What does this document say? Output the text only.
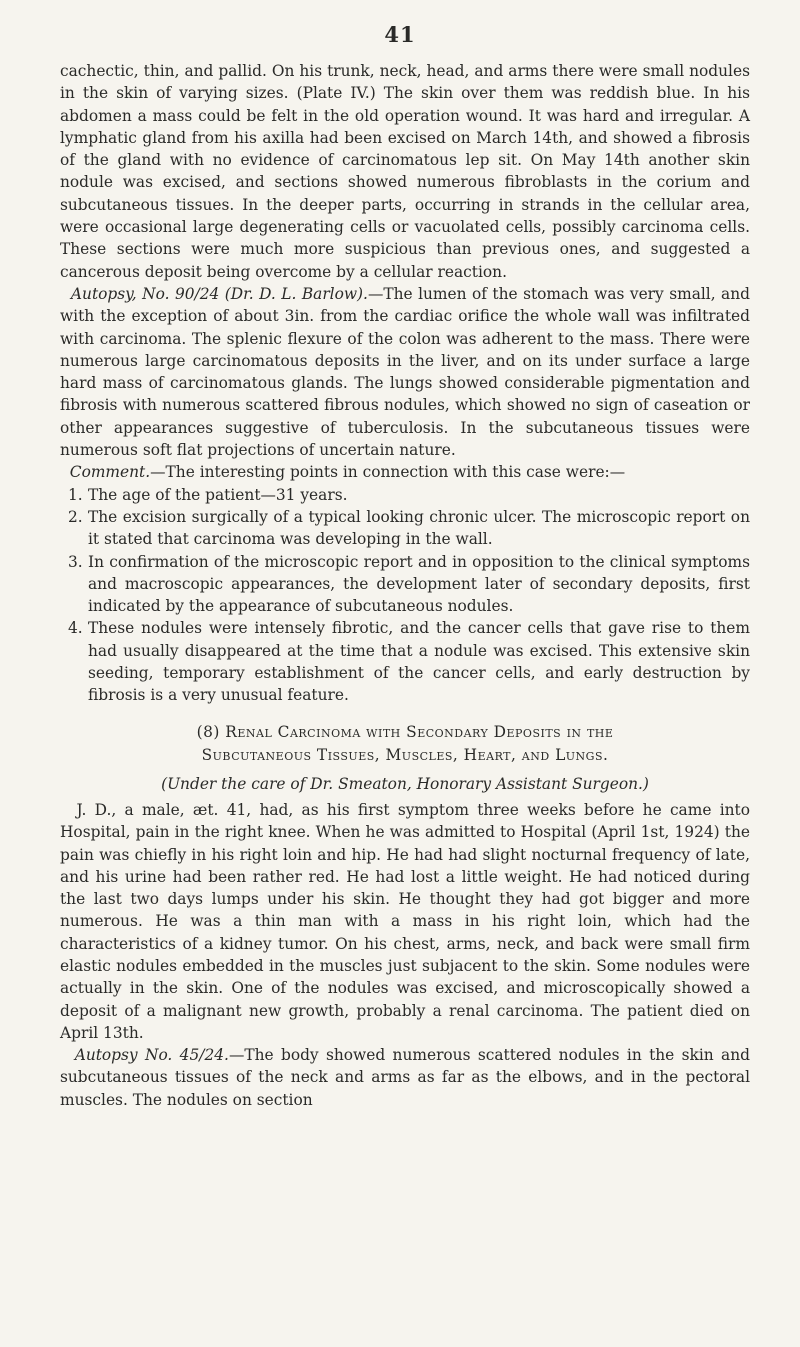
41

cachectic, thin, and pallid. On his trunk, neck, head, and arms there were small nodules in the skin of varying sizes. (Plate IV.) The skin over them was reddish blue. In his abdomen a mass could be felt in the old operation wound. It was hard and irregular. A lymphatic gland from his axilla had been excised on March 14th, and showed a fibrosis of the gland with no evidence of carcinomatous lep sit. On May 14th another skin nodule was excised, and sections showed numerous fibroblasts in the corium and subcutaneous tissues. In the deeper parts, occurring in strands in the cellular area, were occasional large degenerating cells or vacuolated cells, possibly carcinoma cells. These sections were much more suspicious than previous ones, and suggested a cancerous deposit being overcome by a cellular reaction.

Autopsy, No. 90/24 (Dr. D. L. Barlow).—The lumen of the stomach was very small, and with the exception of about 3in. from the cardiac orifice the whole wall was infiltrated with carcinoma. The splenic flexure of the colon was adherent to the mass. There were numerous large carcinomatous deposits in the liver, and on its under surface a large hard mass of carcinomatous glands. The lungs showed considerable pigmentation and fibrosis with numerous scattered fibrous nodules, which showed no sign of caseation or other appearances suggestive of tuberculosis. In the subcutaneous tissues were numerous soft flat projections of uncertain nature.

Comment.—The interesting points in connection with this case were:—

1. The age of the patient—31 years.
2. The excision surgically of a typical looking chronic ulcer. The microscopic report on it stated that carcinoma was developing in the wall.
3. In confirmation of the microscopic report and in opposition to the clinical symptoms and macroscopic appearances, the development later of secondary deposits, first indicated by the appearance of subcutaneous nodules.
4. These nodules were intensely fibrotic, and the cancer cells that gave rise to them had usually disappeared at the time that a nodule was excised. This extensive skin seeding, temporary establishment of the cancer cells, and early destruction by fibrosis is a very unusual feature.
(8) Renal Carcinoma with Secondary Deposits in the
Subcutaneous Tissues, Muscles, Heart, and Lungs.
(Under the care of Dr. Smeaton, Honorary Assistant Surgeon.)

J. D., a male, æt. 41, had, as his first symptom three weeks before he came into Hospital, pain in the right knee. When he was admitted to Hospital (April 1st, 1924) the pain was chiefly in his right loin and hip. He had had slight nocturnal frequency of late, and his urine had been rather red. He had lost a little weight. He had noticed during the last two days lumps under his skin. He thought they had got bigger and more numerous. He was a thin man with a mass in his right loin, which had the characteristics of a kidney tumor. On his chest, arms, neck, and back were small firm elastic nodules embedded in the muscles just subjacent to the skin. Some nodules were actually in the skin. One of the nodules was excised, and microscopically showed a deposit of a malignant new growth, probably a renal carcinoma. The patient died on April 13th.

Autopsy No. 45/24.—The body showed numerous scattered nodules in the skin and subcutaneous tissues of the neck and arms as far as the elbows, and in the pectoral muscles. The nodules on section
